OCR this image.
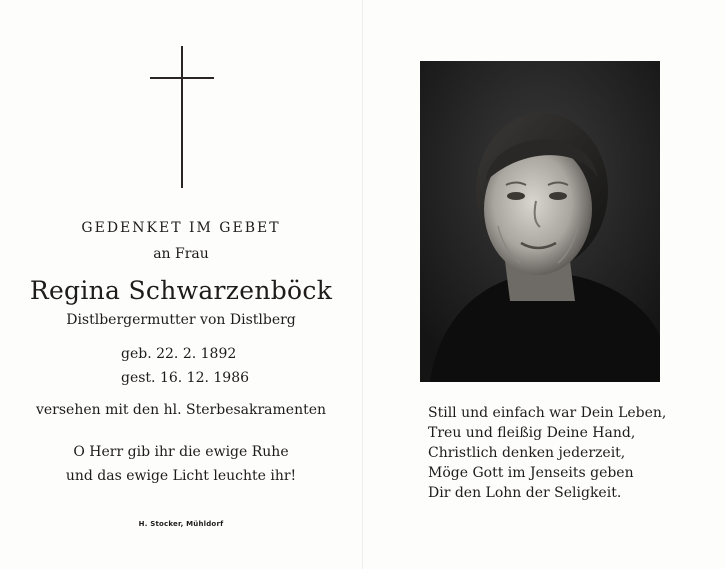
GEDENKET IM GEBET
an Frau
Regina Schwarzenböck
Distlbergermutter von Distlberg
geb. 22. 2. 1892
gest. 16. 12. 1986
versehen mit den hl. Sterbesakramenten
O Herr gib ihr die ewige Ruhe
und das ewige Licht leuchte ihr!
H. Stocker, Mühldorf
Still und einfach war Dein Leben,
Treu und fleißig Deine Hand,
Christlich denken jederzeit,
Möge Gott im Jenseits geben
Dir den Lohn der Seligkeit.
